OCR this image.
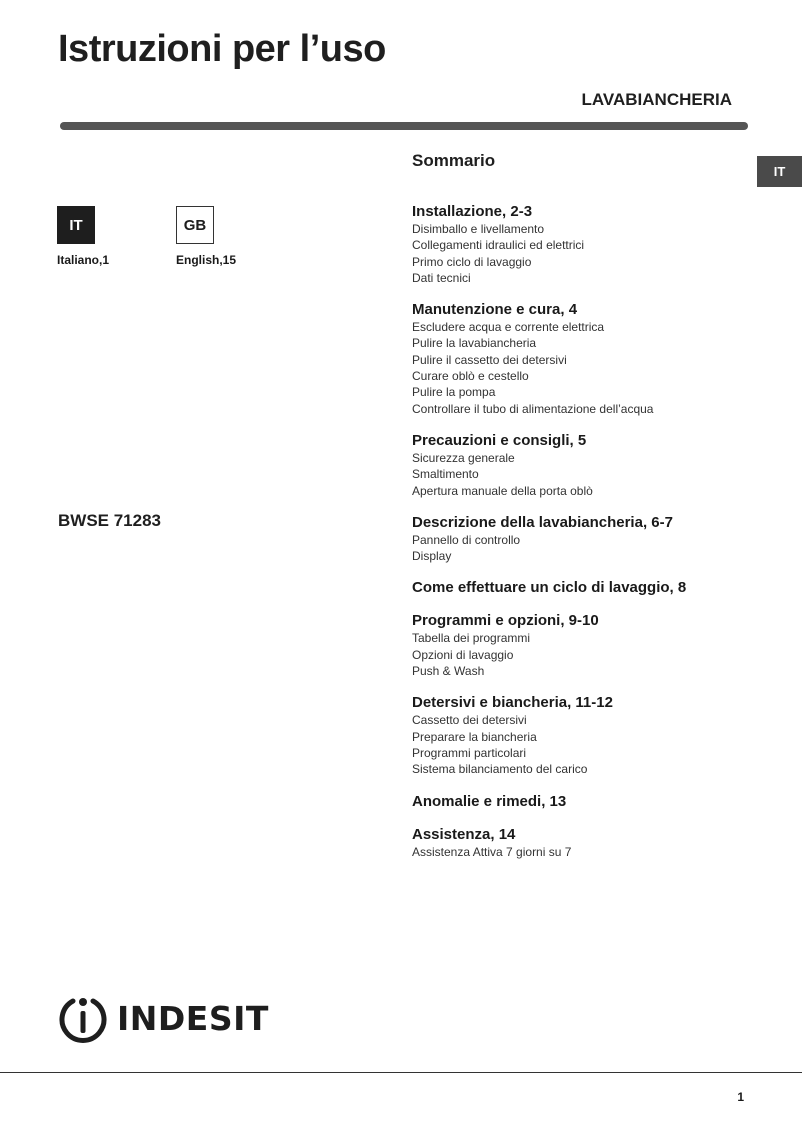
Istruzioni per l’uso
LAVABIANCHERIA
IT
IT
Italiano,1
GB
English,15
BWSE 71283
Sommario
Installazione, 2-3
Disimballo e livellamento
Collegamenti idraulici ed elettrici
Primo ciclo di lavaggio
Dati tecnici
Manutenzione e cura, 4
Escludere acqua e corrente elettrica
Pulire la lavabiancheria
Pulire il cassetto dei detersivi
Curare oblò e cestello
Pulire la pompa
Controllare il tubo di alimentazione dell’acqua
Precauzioni e consigli, 5
Sicurezza generale
Smaltimento
Apertura manuale della porta oblò
Descrizione della lavabiancheria, 6-7
Pannello di controllo
Display
Come effettuare un ciclo di lavaggio, 8
Programmi e opzioni, 9-10
Tabella dei programmi
Opzioni di lavaggio
Push & Wash
Detersivi e biancheria, 11-12
Cassetto dei detersivi
Preparare la biancheria
Programmi particolari
Sistema bilanciamento del carico
Anomalie e rimedi, 13
Assistenza, 14
Assistenza Attiva 7 giorni su 7
INDESIT
1
